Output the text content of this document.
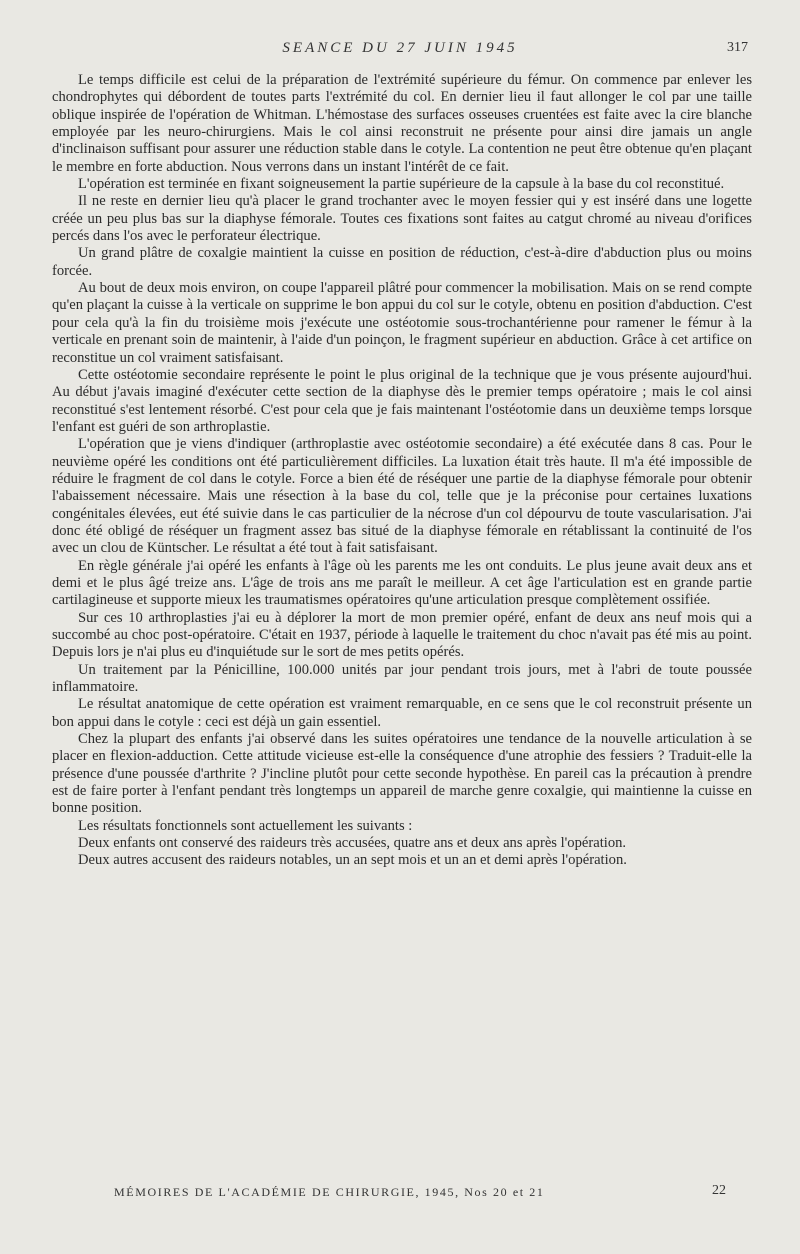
SEANCE DU 27 JUIN 1945	317

Le temps difficile est celui de la préparation de l'extrémité supérieure du fémur. On commence par enlever les chondrophytes qui débordent de toutes parts l'extrémité du col. En dernier lieu il faut allonger le col par une taille oblique inspirée de l'opération de Whitman. L'hémostase des surfaces osseuses cruentées est faite avec la cire blanche employée par les neuro-chirurgiens. Mais le col ainsi reconstruit ne présente pour ainsi dire jamais un angle d'inclinaison suffisant pour assurer une réduction stable dans le cotyle. La contention ne peut être obtenue qu'en plaçant le membre en forte abduction. Nous verrons dans un instant l'intérêt de ce fait.

L'opération est terminée en fixant soigneusement la partie supérieure de la capsule à la base du col reconstitué.

Il ne reste en dernier lieu qu'à placer le grand trochanter avec le moyen fessier qui y est inséré dans une logette créée un peu plus bas sur la diaphyse fémorale. Toutes ces fixations sont faites au catgut chromé au niveau d'orifices percés dans l'os avec le perforateur électrique.

Un grand plâtre de coxalgie maintient la cuisse en position de réduction, c'est-à-dire d'abduction plus ou moins forcée.

Au bout de deux mois environ, on coupe l'appareil plâtré pour commencer la mobilisation. Mais on se rend compte qu'en plaçant la cuisse à la verticale on supprime le bon appui du col sur le cotyle, obtenu en position d'abduction. C'est pour cela qu'à la fin du troisième mois j'exécute une ostéotomie sous-trochantérienne pour ramener le fémur à la verticale en prenant soin de maintenir, à l'aide d'un poinçon, le fragment supérieur en abduction. Grâce à cet artifice on reconstitue un col vraiment satisfaisant.

Cette ostéotomie secondaire représente le point le plus original de la technique que je vous présente aujourd'hui. Au début j'avais imaginé d'exécuter cette section de la diaphyse dès le premier temps opératoire ; mais le col ainsi reconstitué s'est lentement résorbé. C'est pour cela que je fais maintenant l'ostéotomie dans un deuxième temps lorsque l'enfant est guéri de son arthroplastie.

L'opération que je viens d'indiquer (arthroplastie avec ostéotomie secondaire) a été exécutée dans 8 cas. Pour le neuvième opéré les conditions ont été particulièrement difficiles. La luxation était très haute. Il m'a été impossible de réduire le fragment de col dans le cotyle. Force a bien été de réséquer une partie de la diaphyse fémorale pour obtenir l'abaissement nécessaire. Mais une résection à la base du col, telle que je la préconise pour certaines luxations congénitales élevées, eut été suivie dans le cas particulier de la nécrose d'un col dépourvu de toute vascularisation. J'ai donc été obligé de réséquer un fragment assez bas situé de la diaphyse fémorale en rétablissant la continuité de l'os avec un clou de Küntscher. Le résultat a été tout à fait satisfaisant.

En règle générale j'ai opéré les enfants à l'âge où les parents me les ont conduits. Le plus jeune avait deux ans et demi et le plus âgé treize ans. L'âge de trois ans me paraît le meilleur. A cet âge l'articulation est en grande partie cartilagineuse et supporte mieux les traumatismes opératoires qu'une articulation presque complètement ossifiée.

Sur ces 10 arthroplasties j'ai eu à déplorer la mort de mon premier opéré, enfant de deux ans neuf mois qui a succombé au choc post-opératoire. C'était en 1937, période à laquelle le traitement du choc n'avait pas été mis au point. Depuis lors je n'ai plus eu d'inquiétude sur le sort de mes petits opérés.

Un traitement par la Pénicilline, 100.000 unités par jour pendant trois jours, met à l'abri de toute poussée inflammatoire.

Le résultat anatomique de cette opération est vraiment remarquable, en ce sens que le col reconstruit présente un bon appui dans le cotyle : ceci est déjà un gain essentiel.

Chez la plupart des enfants j'ai observé dans les suites opératoires une tendance de la nouvelle articulation à se placer en flexion-adduction. Cette attitude vicieuse est-elle la conséquence d'une atrophie des fessiers ? Traduit-elle la présence d'une poussée d'arthrite ? J'incline plutôt pour cette seconde hypothèse. En pareil cas la précaution à prendre est de faire porter à l'enfant pendant très longtemps un appareil de marche genre coxalgie, qui maintienne la cuisse en bonne position.

Les résultats fonctionnels sont actuellement les suivants :

Deux enfants ont conservé des raideurs très accusées, quatre ans et deux ans après l'opération.

Deux autres accusent des raideurs notables, un an sept mois et un an et demi après l'opération.

MÉMOIRES DE L'ACADÉMIE DE CHIRURGIE, 1945, Nos 20 et 21	22
